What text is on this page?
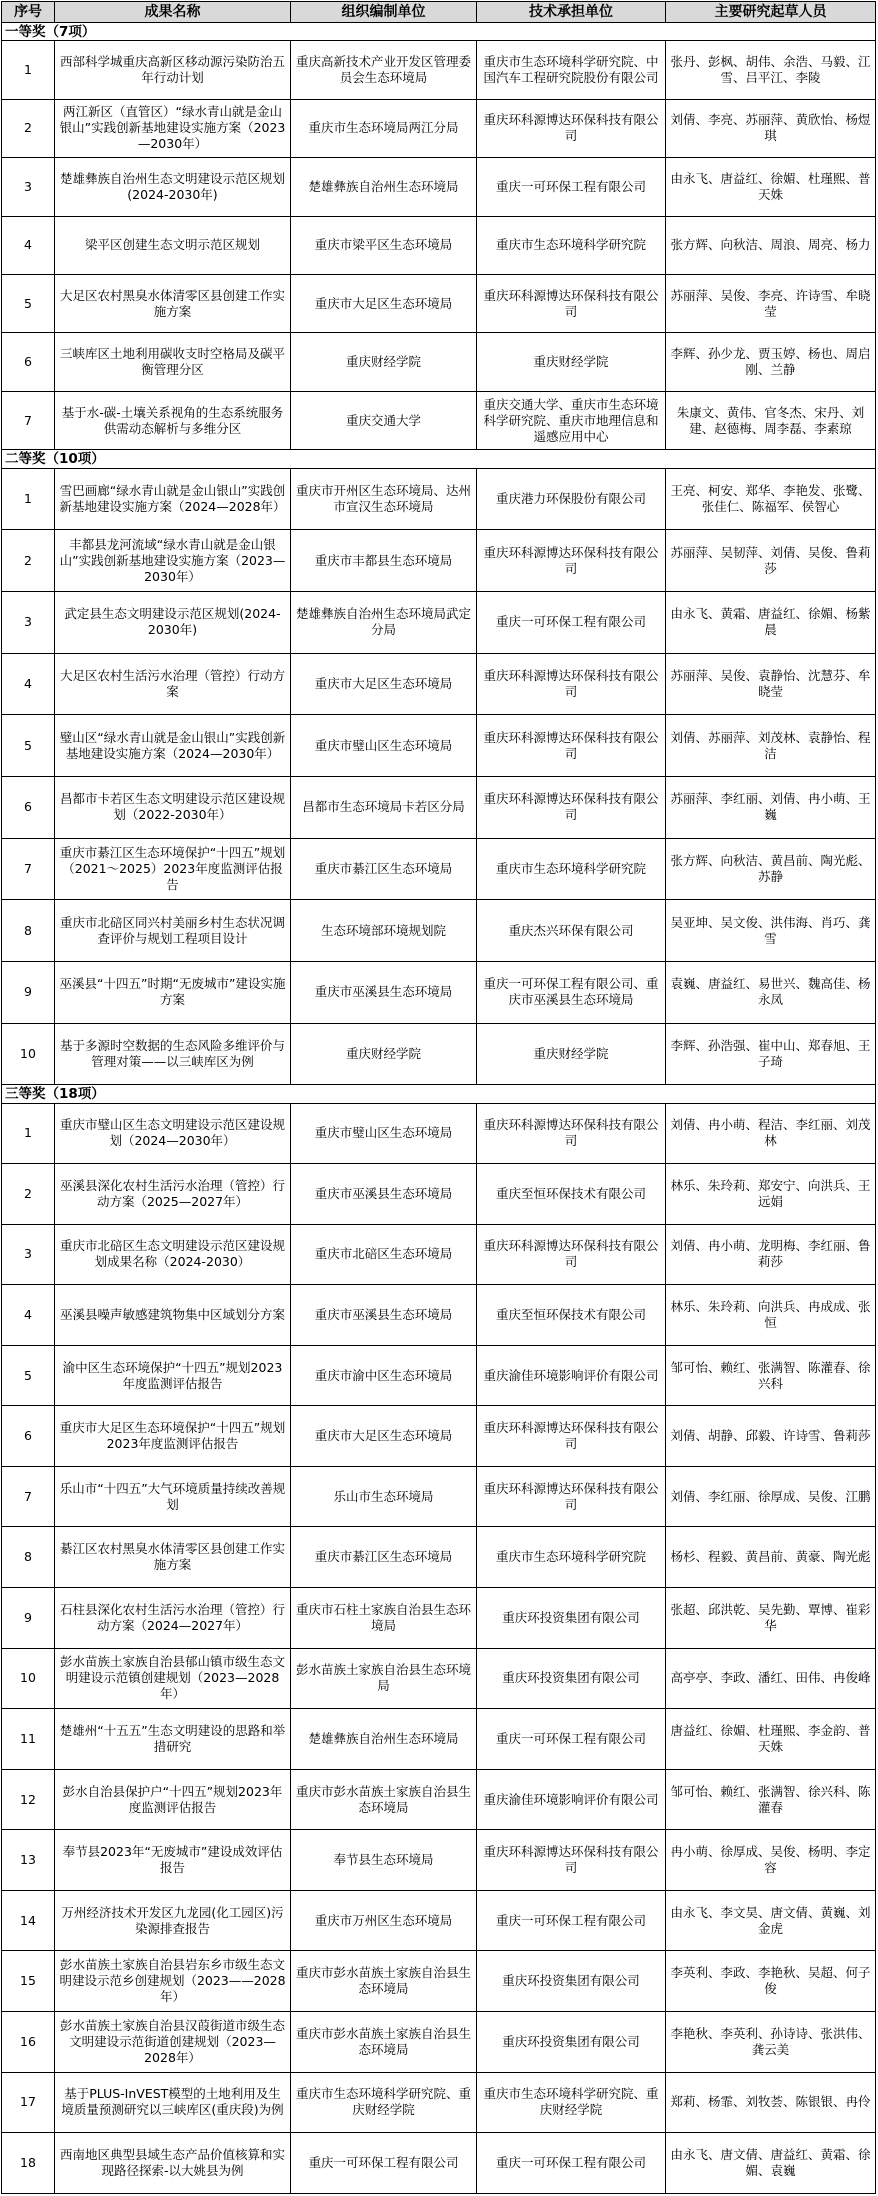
序号	成果名称	组织编制单位	技术承担单位	主要研究起草人员
一等奖（7项）				
1	西部科学城重庆高新区移动源污染防治五年行动计划	重庆高新技术产业开发区管理委员会生态环境局	重庆市生态环境科学研究院、中国汽车工程研究院股份有限公司	张丹、彭枫、胡伟、余浩、马毅、江雪、吕平江、李陵
2	两江新区（直管区）“绿水青山就是金山银山”实践创新基地建设实施方案（2023—2030年）	重庆市生态环境局两江分局	重庆环科源博达环保科技有限公司	刘倩、李亮、苏丽萍、黄欣怡、杨煜琪
3	楚雄彝族自治州生态文明建设示范区规划(2024-2030年)	楚雄彝族自治州生态环境局	重庆一可环保工程有限公司	由永飞、唐益红、徐媚、杜瑾熙、普天姝
4	梁平区创建生态文明示范区规划	重庆市梁平区生态环境局	重庆市生态环境科学研究院	张方辉、向秋洁、周浪、周亮、杨力
5	大足区农村黑臭水体清零区县创建工作实施方案	重庆市大足区生态环境局	重庆环科源博达环保科技有限公司	苏丽萍、吴俊、李亮、许诗雪、牟晓莹
6	三峡库区土地利用碳收支时空格局及碳平衡管理分区	重庆财经学院	重庆财经学院	李辉、孙少龙、贾玉婷、杨也、周启刚、兰静
7	基于水-碳-土壤关系视角的生态系统服务供需动态解析与多维分区	重庆交通大学	重庆交通大学、重庆市生态环境科学研究院、重庆市地理信息和遥感应用中心	朱康文、黄伟、官冬杰、宋丹、刘建、赵德梅、周李磊、李素琼
二等奖（10项）				
1	雪巴画廊“绿水青山就是金山银山”实践创新基地建设实施方案（2024—2028年）	重庆市开州区生态环境局、达州市宣汉生态环境局	重庆港力环保股份有限公司	王亮、柯安、郑华、李艳发、张鹭、张佳仁、陈福军、侯智心
2	丰都县龙河流域“绿水青山就是金山银山”实践创新基地建设实施方案（2023—2030年）	重庆市丰都县生态环境局	重庆环科源博达环保科技有限公司	苏丽萍、吴韧萍、刘倩、吴俊、鲁莉莎
3	武定县生态文明建设示范区规划(2024-2030年)	楚雄彝族自治州生态环境局武定分局	重庆一可环保工程有限公司	由永飞、黄霜、唐益红、徐媚、杨紫晨
4	大足区农村生活污水治理（管控）行动方案	重庆市大足区生态环境局	重庆环科源博达环保科技有限公司	苏丽萍、吴俊、袁静怡、沈慧芬、牟晓莹
5	璧山区“绿水青山就是金山银山”实践创新基地建设实施方案（2024—2030年）	重庆市璧山区生态环境局	重庆环科源博达环保科技有限公司	刘倩、苏丽萍、刘茂林、袁静怡、程洁
6	昌都市卡若区生态文明建设示范区建设规划（2022-2030年）	昌都市生态环境局卡若区分局	重庆环科源博达环保科技有限公司	苏丽萍、李红丽、刘倩、冉小萌、王巍
7	重庆市綦江区生态环境保护“十四五”规划（2021～2025）2023年度监测评估报告	重庆市綦江区生态环境局	重庆市生态环境科学研究院	张方辉、向秋洁、黄昌前、陶光彪、苏静
8	重庆市北碚区同兴村美丽乡村生态状况调查评价与规划工程项目设计	生态环境部环境规划院	重庆杰兴环保有限公司	吴亚坤、吴文俊、洪伟海、肖巧、龚雪
9	巫溪县“十四五”时期“无废城市”建设实施方案	重庆市巫溪县生态环境局	重庆一可环保工程有限公司、重庆市巫溪县生态环境局	袁巍、唐益红、易世兴、魏高佳、杨永凤
10	基于多源时空数据的生态风险多维评价与管理对策——以三峡库区为例	重庆财经学院	重庆财经学院	李辉、孙浩强、崔中山、郑春旭、王子琦
三等奖（18项）				
1	重庆市璧山区生态文明建设示范区建设规划（2024—2030年）	重庆市璧山区生态环境局	重庆环科源博达环保科技有限公司	刘倩、冉小萌、程洁、李红丽、刘茂林
2	巫溪县深化农村生活污水治理（管控）行动方案（2025—2027年）	重庆市巫溪县生态环境局	重庆至恒环保技术有限公司	林乐、朱玲莉、郑安宁、向洪兵、王远娟
3	重庆市北碚区生态文明建设示范区建设规划成果名称（2024-2030）	重庆市北碚区生态环境局	重庆环科源博达环保科技有限公司	刘倩、冉小萌、龙明梅、李红丽、鲁莉莎
4	巫溪县噪声敏感建筑物集中区域划分方案	重庆市巫溪县生态环境局	重庆至恒环保技术有限公司	林乐、朱玲莉、向洪兵、冉成成、张恒
5	渝中区生态环境保护“十四五”规划2023年度监测评估报告	重庆市渝中区生态环境局	重庆渝佳环境影响评价有限公司	邹可怡、赖红、张满智、陈灌春、徐兴科
6	重庆市大足区生态环境保护“十四五”规划2023年度监测评估报告	重庆市大足区生态环境局	重庆环科源博达环保科技有限公司	刘倩、胡静、邱毅、许诗雪、鲁莉莎
7	乐山市“十四五”大气环境质量持续改善规划	乐山市生态环境局	重庆环科源博达环保科技有限公司	刘倩、李红丽、徐厚成、吴俊、江鹏
8	綦江区农村黑臭水体清零区县创建工作实施方案	重庆市綦江区生态环境局	重庆市生态环境科学研究院	杨杉、程毅、黄昌前、黄豪、陶光彪
9	石柱县深化农村生活污水治理（管控）行动方案（2024—2027年）	重庆市石柱土家族自治县生态环境局	重庆环投资集团有限公司	张超、邱洪乾、吴先勤、覃博、崔彩华
10	彭水苗族土家族自治县郁山镇市级生态文明建设示范镇创建规划（2023—2028年）	彭水苗族土家族自治县生态环境局	重庆环投资集团有限公司	高亭亭、李政、潘红、田伟、冉俊峰
11	楚雄州“十五五”生态文明建设的思路和举措研究	楚雄彝族自治州生态环境局	重庆一可环保工程有限公司	唐益红、徐媚、杜瑾熙、李金韵、普天姝
12	彭水自治县保护户“十四五”规划2023年度监测评估报告	重庆市彭水苗族土家族自治县生态环境局	重庆渝佳环境影响评价有限公司	邹可怡、赖红、张满智、徐兴科、陈灌春
13	奉节县2023年“无废城市”建设成效评估报告	奉节县生态环境局	重庆环科源博达环保科技有限公司	冉小萌、徐厚成、吴俊、杨明、李定容
14	万州经济技术开发区九龙园(化工园区)污染源排查报告	重庆市万州区生态环境局	重庆一可环保工程有限公司	由永飞、李文昊、唐文倩、黄巍、刘金虎
15	彭水苗族土家族自治县岩东乡市级生态文明建设示范乡创建规划（2023——2028年）	重庆市彭水苗族土家族自治县生态环境局	重庆环投资集团有限公司	李英利、李政、李艳秋、吴超、何子俊
16	彭水苗族土家族自治县汉葭街道市级生态文明建设示范街道创建规划（2023—2028年）	重庆市彭水苗族土家族自治县生态环境局	重庆环投资集团有限公司	李艳秋、李英利、孙诗诗、张洪伟、龚云美
17	基于PLUS-InVEST模型的土地利用及生境质量预测研究以三峡库区(重庆段)为例	重庆市生态环境科学研究院、重庆财经学院	重庆市生态环境科学研究院、重庆财经学院	郑莉、杨霏、刘牧荟、陈银银、冉伶
18	西南地区典型县域生态产品价值核算和实现路径探索-以大姚县为例	重庆一可环保工程有限公司	重庆一可环保工程有限公司	由永飞、唐文倩、唐益红、黄霜、徐媚、袁巍
